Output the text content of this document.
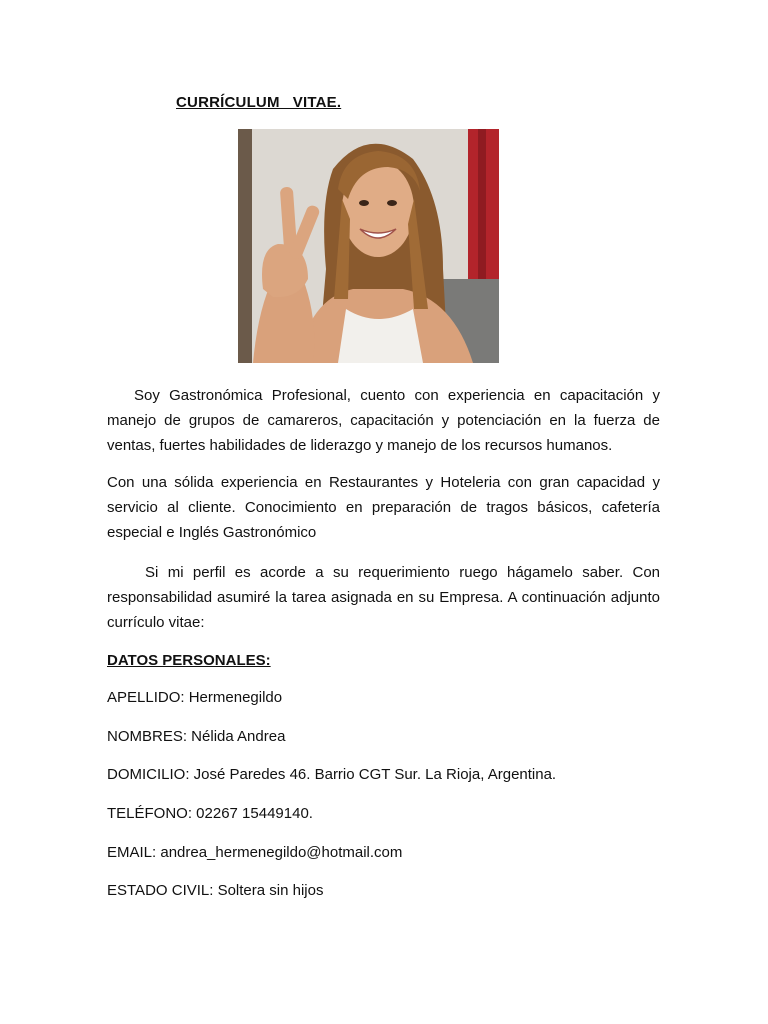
CURRÍCULUM   VITAE.

Soy Gastronómica Profesional, cuento con experiencia en capacitación y manejo de grupos de camareros, capacitación y potenciación en la fuerza de ventas, fuertes habilidades de liderazgo y manejo de los recursos humanos.

Con una sólida experiencia en Restaurantes y Hoteleria con gran capacidad y servicio al cliente. Conocimiento en preparación de tragos básicos, cafetería especial e Inglés Gastronómico

Si mi perfil es acorde a su requerimiento ruego hágamelo saber. Con responsabilidad asumiré la tarea asignada en su Empresa. A continuación adjunto currículo vitae:

DATOS PERSONALES:
APELLIDO: Hermenegildo
NOMBRES: Nélida Andrea
DOMICILIO: José Paredes 46. Barrio CGT Sur. La Rioja, Argentina.
TELÉFONO: 02267 15449140.
EMAIL: andrea_hermenegildo@hotmail.com
ESTADO CIVIL: Soltera sin hijos
